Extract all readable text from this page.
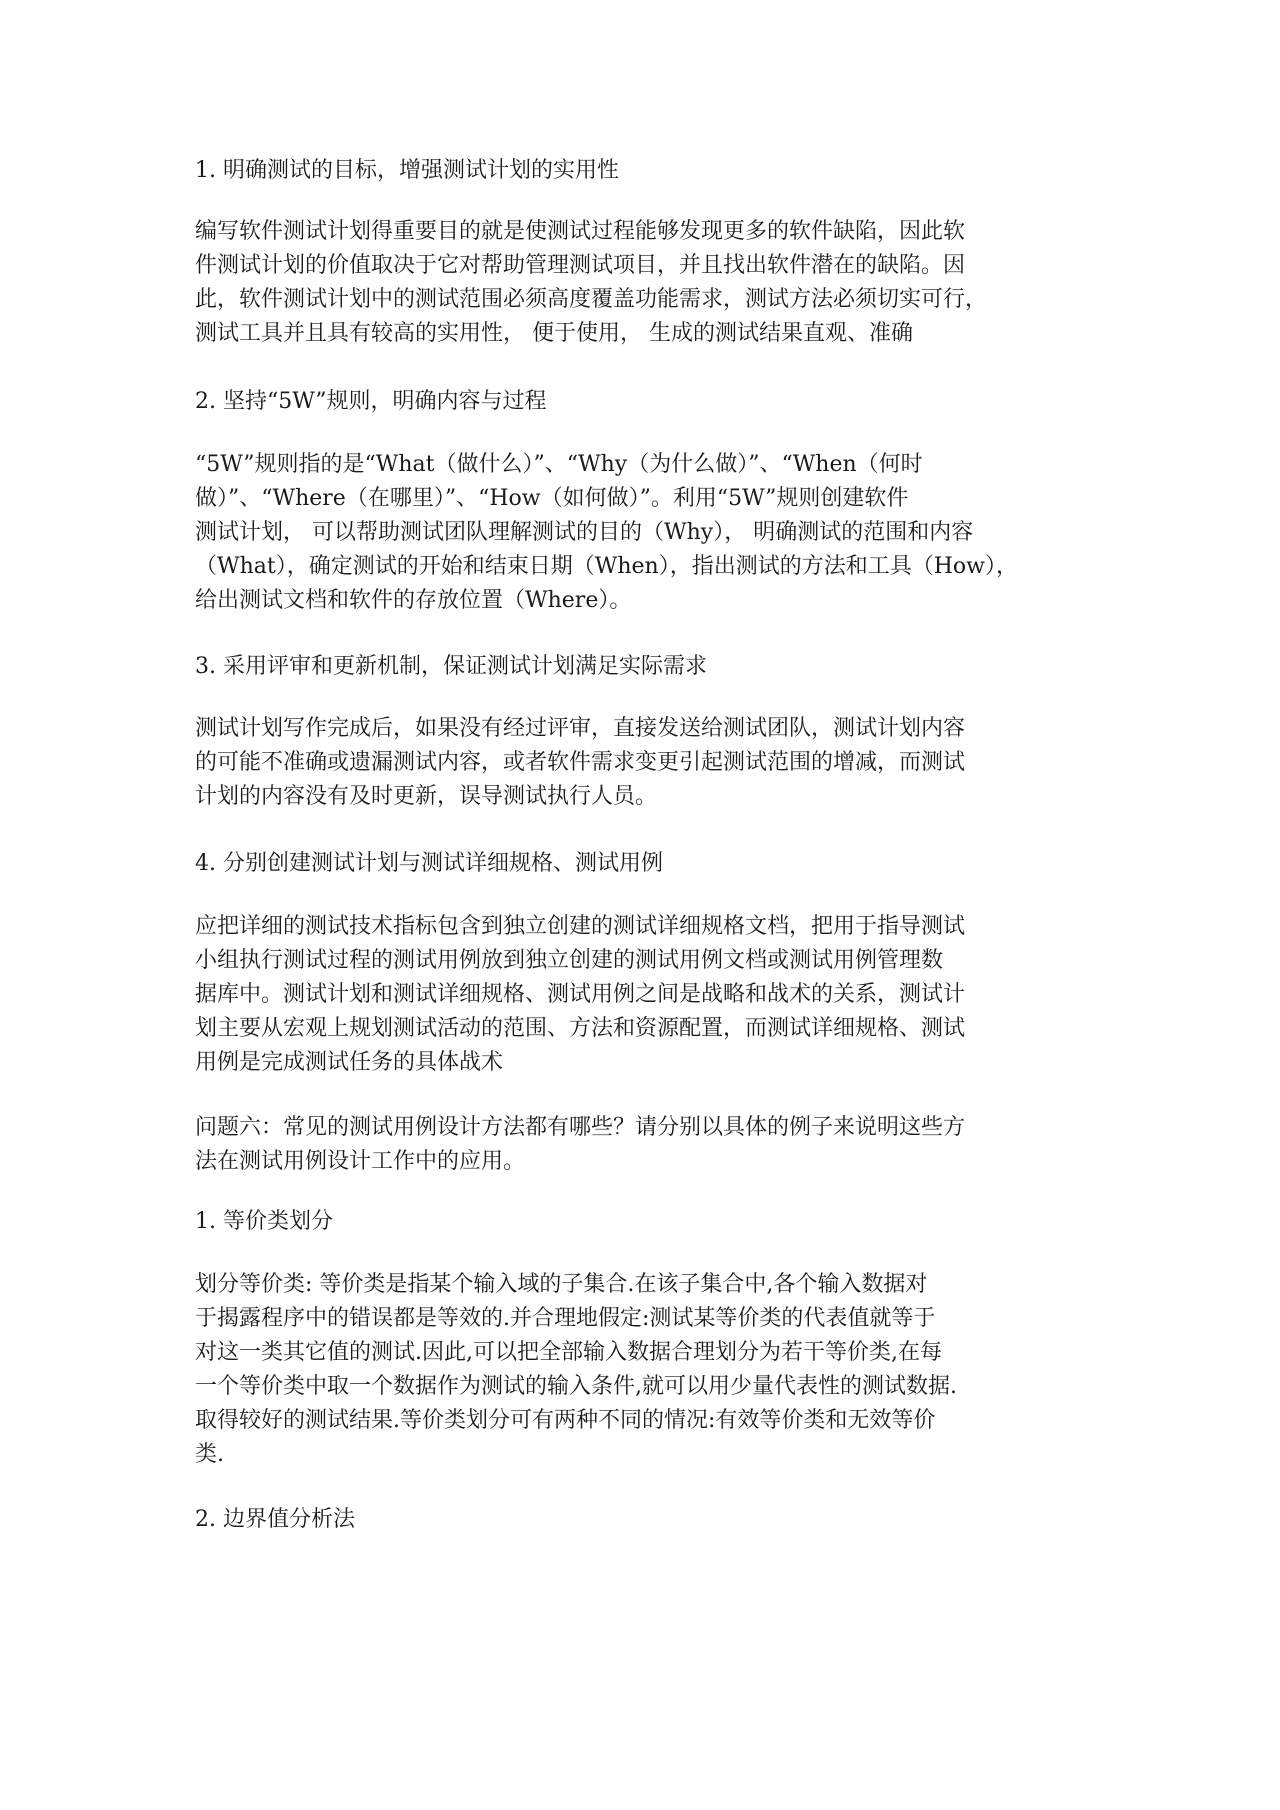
1. 明确测试的目标，增强测试计划的实用性

编写软件测试计划得重要目的就是使测试过程能够发现更多的软件缺陷，因此软
件测试计划的价值取决于它对帮助管理测试项目，并且找出软件潜在的缺陷。因
此，软件测试计划中的测试范围必须高度覆盖功能需求，测试方法必须切实可行，
测试工具并且具有较高的实用性， 便于使用， 生成的测试结果直观、准确

2. 坚持“5W”规则，明确内容与过程

“5W”规则指的是“What（做什么）”、“Why（为什么做）”、“When（何时
做）”、“Where（在哪里）”、“How（如何做）”。利用“5W”规则创建软件
测试计划， 可以帮助测试团队理解测试的目的（Why）， 明确测试的范围和内容
（What），确定测试的开始和结束日期（When），指出测试的方法和工具（How），
给出测试文档和软件的存放位置（Where）。

3. 采用评审和更新机制，保证测试计划满足实际需求

测试计划写作完成后，如果没有经过评审，直接发送给测试团队，测试计划内容
的可能不准确或遗漏测试内容，或者软件需求变更引起测试范围的增减，而测试
计划的内容没有及时更新，误导测试执行人员。

4. 分别创建测试计划与测试详细规格、测试用例

应把详细的测试技术指标包含到独立创建的测试详细规格文档，把用于指导测试
小组执行测试过程的测试用例放到独立创建的测试用例文档或测试用例管理数
据库中。测试计划和测试详细规格、测试用例之间是战略和战术的关系，测试计
划主要从宏观上规划测试活动的范围、方法和资源配置，而测试详细规格、测试
用例是完成测试任务的具体战术
问题六：常见的测试用例设计方法都有哪些？请分别以具体的例子来说明这些方
法在测试用例设计工作中的应用。

1. 等价类划分

划分等价类: 等价类是指某个输入域的子集合.在该子集合中,各个输入数据对
于揭露程序中的错误都是等效的.并合理地假定:测试某等价类的代表值就等于
对这一类其它值的测试.因此,可以把全部输入数据合理划分为若干等价类,在每
一个等价类中取一个数据作为测试的输入条件,就可以用少量代表性的测试数据.
取得较好的测试结果.等价类划分可有两种不同的情况:有效等价类和无效等价
类.

2. 边界值分析法
